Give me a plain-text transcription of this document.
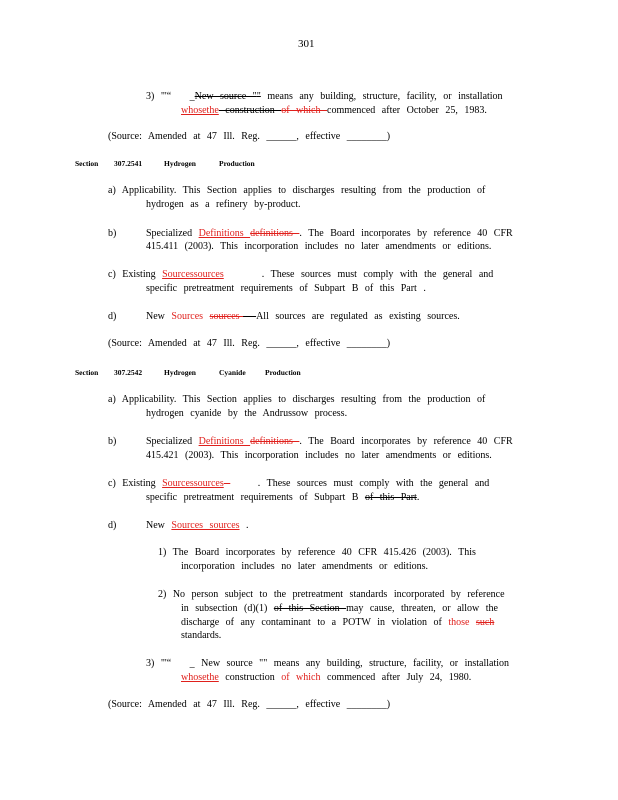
301
3) "'“ _New source "" means any building, structure, facility, or installation
whosethe construction of which commenced after October 25, 1983.
(Source: Amended at 47 Ill. Reg. ______, effective ________)
Section 307.2541	Hydrogen	Production
a) Applicability. This Section applies to discharges resulting from the production of
hydrogen as a refinery by-product.
b)	Specialized Definitions definitions . The Board incorporates by reference 40 CFR
415.411 (2003). This incorporation includes no later amendments or editions.
c) Existing Sourcessources	. These sources must comply with the general and
specific pretreatment requirements of Subpart B of this Part .
d)	New Sources sources   All sources are regulated as existing sources.
(Source: Amended at 47 Ill. Reg. ______, effective ________)
Section 307.2542	Hydrogen	Cyanide	Production
a) Applicability. This Section applies to discharges resulting from the production of
hydrogen cyanide by the Andrussow process.
b)	Specialized Definitions definitions . The Board incorporates by reference 40 CFR
415.421 (2003). This incorporation includes no later amendments or editions.
c) Existing Sourcessources	. These sources must comply with the general and
specific pretreatment requirements of Subpart B of this Part.
d)	New Sources sources .
1) The Board incorporates by reference 40 CFR 415.426 (2003). This
incorporation includes no later amendments or editions.
2) No person subject to the pretreatment standards incorporated by reference
in subsection (d)(1) of this Section may cause, threaten, or allow the
discharge of any contaminant to a POTW in violation of those such
standards.
3) "'“ _ New source "" means any building, structure, facility, or installation
whosethe construction of which commenced after July 24, 1980.
(Source: Amended at 47 Ill. Reg. ______, effective ________)
